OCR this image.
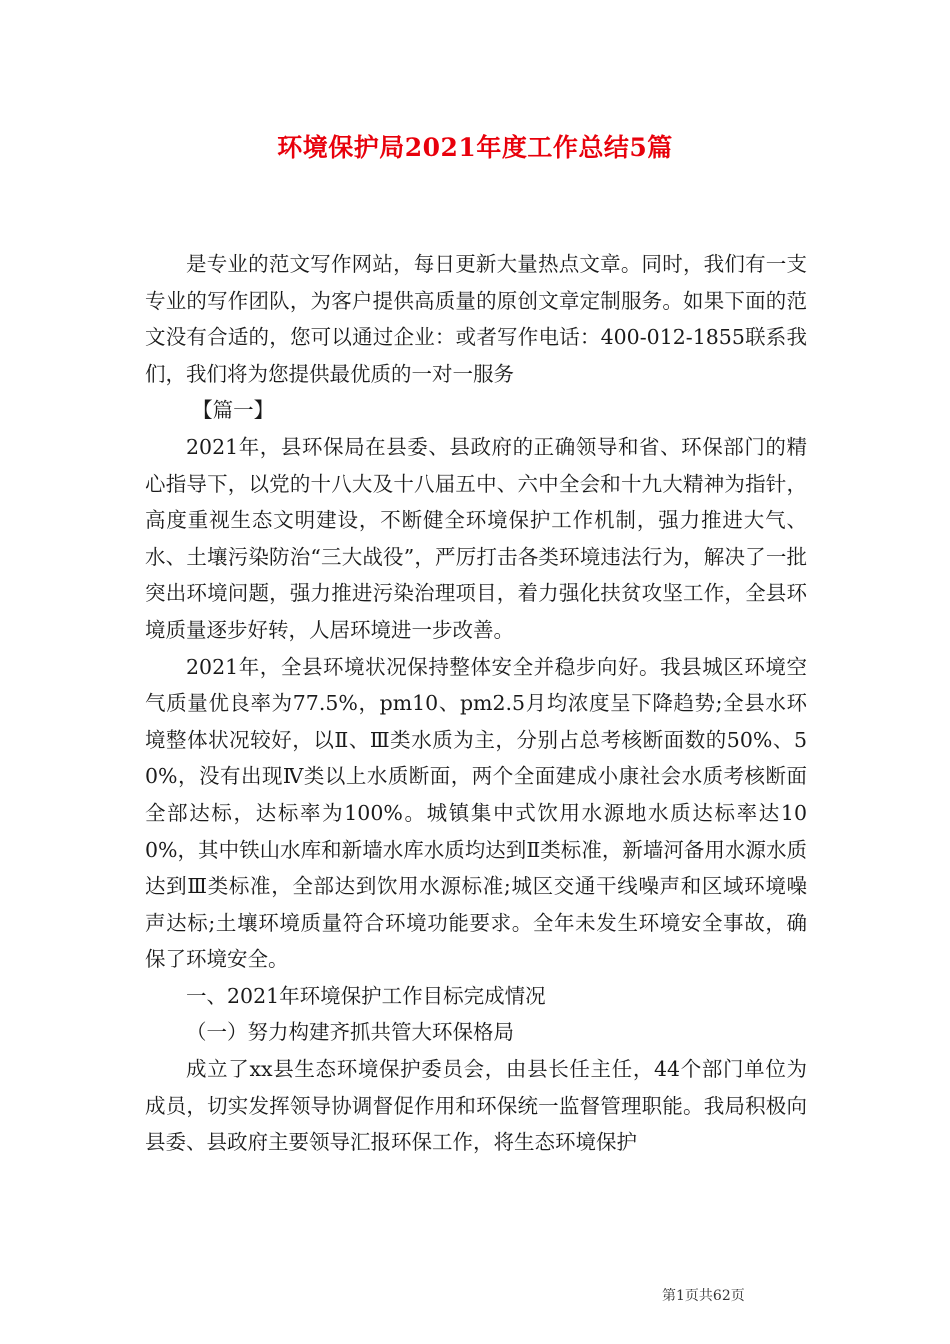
环境保护局2021年度工作总结5篇

是专业的范文写作网站，每日更新大量热点文章。同时，我们有一支专业的写作团队，为客户提供高质量的原创文章定制服务。如果下面的范文没有合适的，您可以通过企业：或者写作电话：400-012-1855联系我们，我们将为您提供最优质的一对一服务

【篇一】

2021年，县环保局在县委、县政府的正确领导和省、环保部门的精心指导下，以党的十八大及十八届五中、六中全会和十九大精神为指针，高度重视生态文明建设，不断健全环境保护工作机制，强力推进大气、水、土壤污染防治“三大战役”，严厉打击各类环境违法行为，解决了一批突出环境问题，强力推进污染治理项目，着力强化扶贫攻坚工作，全县环境质量逐步好转，人居环境进一步改善。

2021年，全县环境状况保持整体安全并稳步向好。我县城区环境空气质量优良率为77.5%，pm10、pm2.5月均浓度呈下降趋势;全县水环境整体状况较好，以Ⅱ、Ⅲ类水质为主，分别占总考核断面数的50%、50%，没有出现Ⅳ类以上水质断面，两个全面建成小康社会水质考核断面全部达标，达标率为100%。城镇集中式饮用水源地水质达标率达100%，其中铁山水库和新墙水库水质均达到Ⅱ类标准，新墙河备用水源水质达到Ⅲ类标准，全部达到饮用水源标准;城区交通干线噪声和区域环境噪声达标;土壤环境质量符合环境功能要求。全年未发生环境安全事故，确保了环境安全。

一、2021年环境保护工作目标完成情况

（一）努力构建齐抓共管大环保格局

成立了xx县生态环境保护委员会，由县长任主任，44个部门单位为成员，切实发挥领导协调督促作用和环保统一监督管理职能。我局积极向县委、县政府主要领导汇报环保工作，将生态环境保护

第1页共62页
